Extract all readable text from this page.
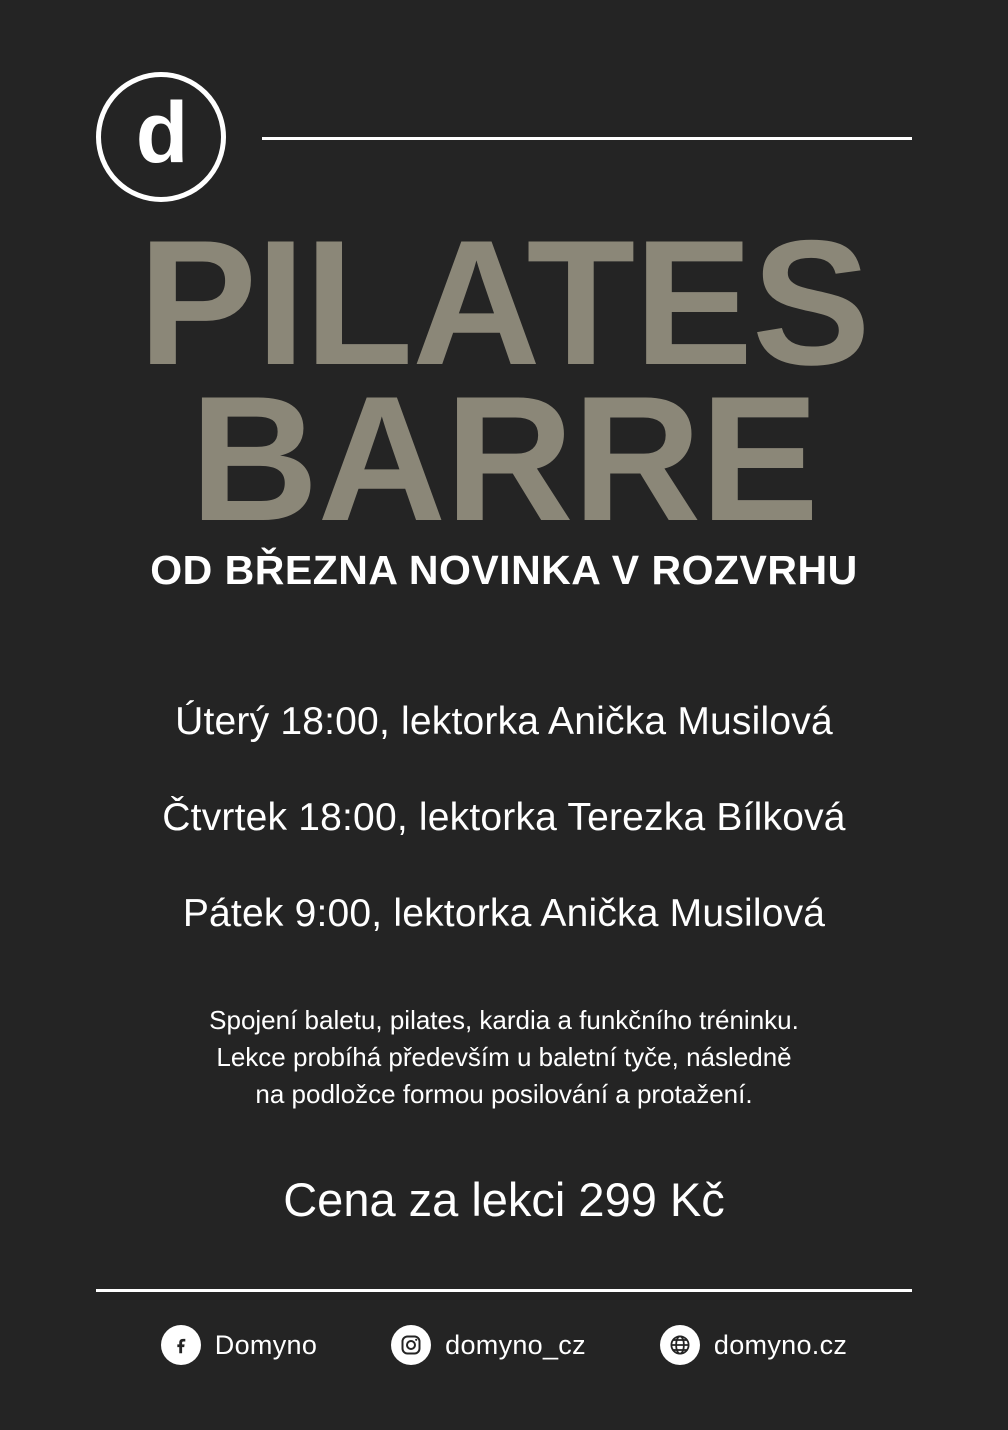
d
PILATES
BARRE
OD BŘEZNA NOVINKA V ROZVRHU
Úterý 18:00, lektorka Anička Musilová
Čtvrtek 18:00, lektorka Terezka Bílková
Pátek 9:00, lektorka Anička Musilová
Spojení baletu, pilates, kardia a funkčního tréninku.
Lekce probíhá především u baletní tyče, následně
na podložce formou posilování a protažení.
Cena za lekci 299 Kč
Domyno	domyno_cz	domyno.cz
